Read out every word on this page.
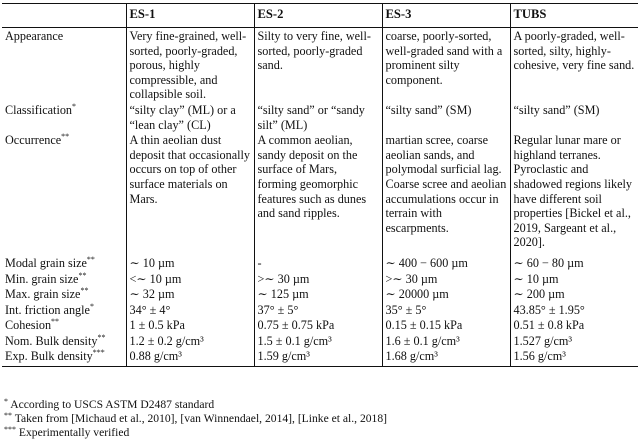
	ES-1	ES-2	ES-3	TUBS
Appearance	Very fine-grained, well-sorted, poorly-graded, porous, highly compressible, and collapsible soil.	Silty to very fine, well-sorted, poorly-graded sand.	coarse, poorly-sorted, well-graded sand with a prominent silty component.	A poorly-graded, well-sorted, silty, highly-cohesive, very fine sand.
Classification*	“silty clay” (ML) or a “lean clay” (CL)	“silty sand” or “sandy silt” (ML)	“silty sand” (SM)	“silty sand” (SM)
Occurrence**	A thin aeolian dust deposit that occasionally occurs on top of other surface materials on Mars.	A common aeolian, sandy deposit on the surface of Mars, forming geomorphic features such as dunes and sand ripples.	martian scree, coarse aeolian sands, and polymodal surficial lag. Coarse scree and aeolian accumulations occur in terrain with escarpments.	Regular lunar mare or highland terranes. Pyroclastic and shadowed regions likely have different soil properties [Bickel et al., 2019, Sargeant et al., 2020].
Modal grain size**	∼ 10 µm	-	∼ 400 − 600 µm	∼ 60 − 80 µm
Min. grain size**	<∼ 10 µm	>∼ 30 µm	>∼ 30 µm	∼ 10 µm
Max. grain size**	∼ 32 µm	∼ 125 µm	∼ 20000 µm	∼ 200 µm
Int. friction angle*	34° ± 4°	37° ± 5°	35° ± 5°	43.85° ± 1.95°
Cohesion**	1 ± 0.5 kPa	0.75 ± 0.75 kPa	0.15 ± 0.15 kPa	0.51 ± 0.8 kPa
Nom. Bulk density**	1.2 ± 0.2 g/cm³	1.5 ± 0.1 g/cm³	1.6 ± 0.1 g/cm³	1.527 g/cm³
Exp. Bulk density***	0.88 g/cm³	1.59 g/cm³	1.68 g/cm³	1.56 g/cm³
* According to USCS ASTM D2487 standard
** Taken from [Michaud et al., 2010], [van Winnendael, 2014], [Linke et al., 2018]
*** Experimentally verified
